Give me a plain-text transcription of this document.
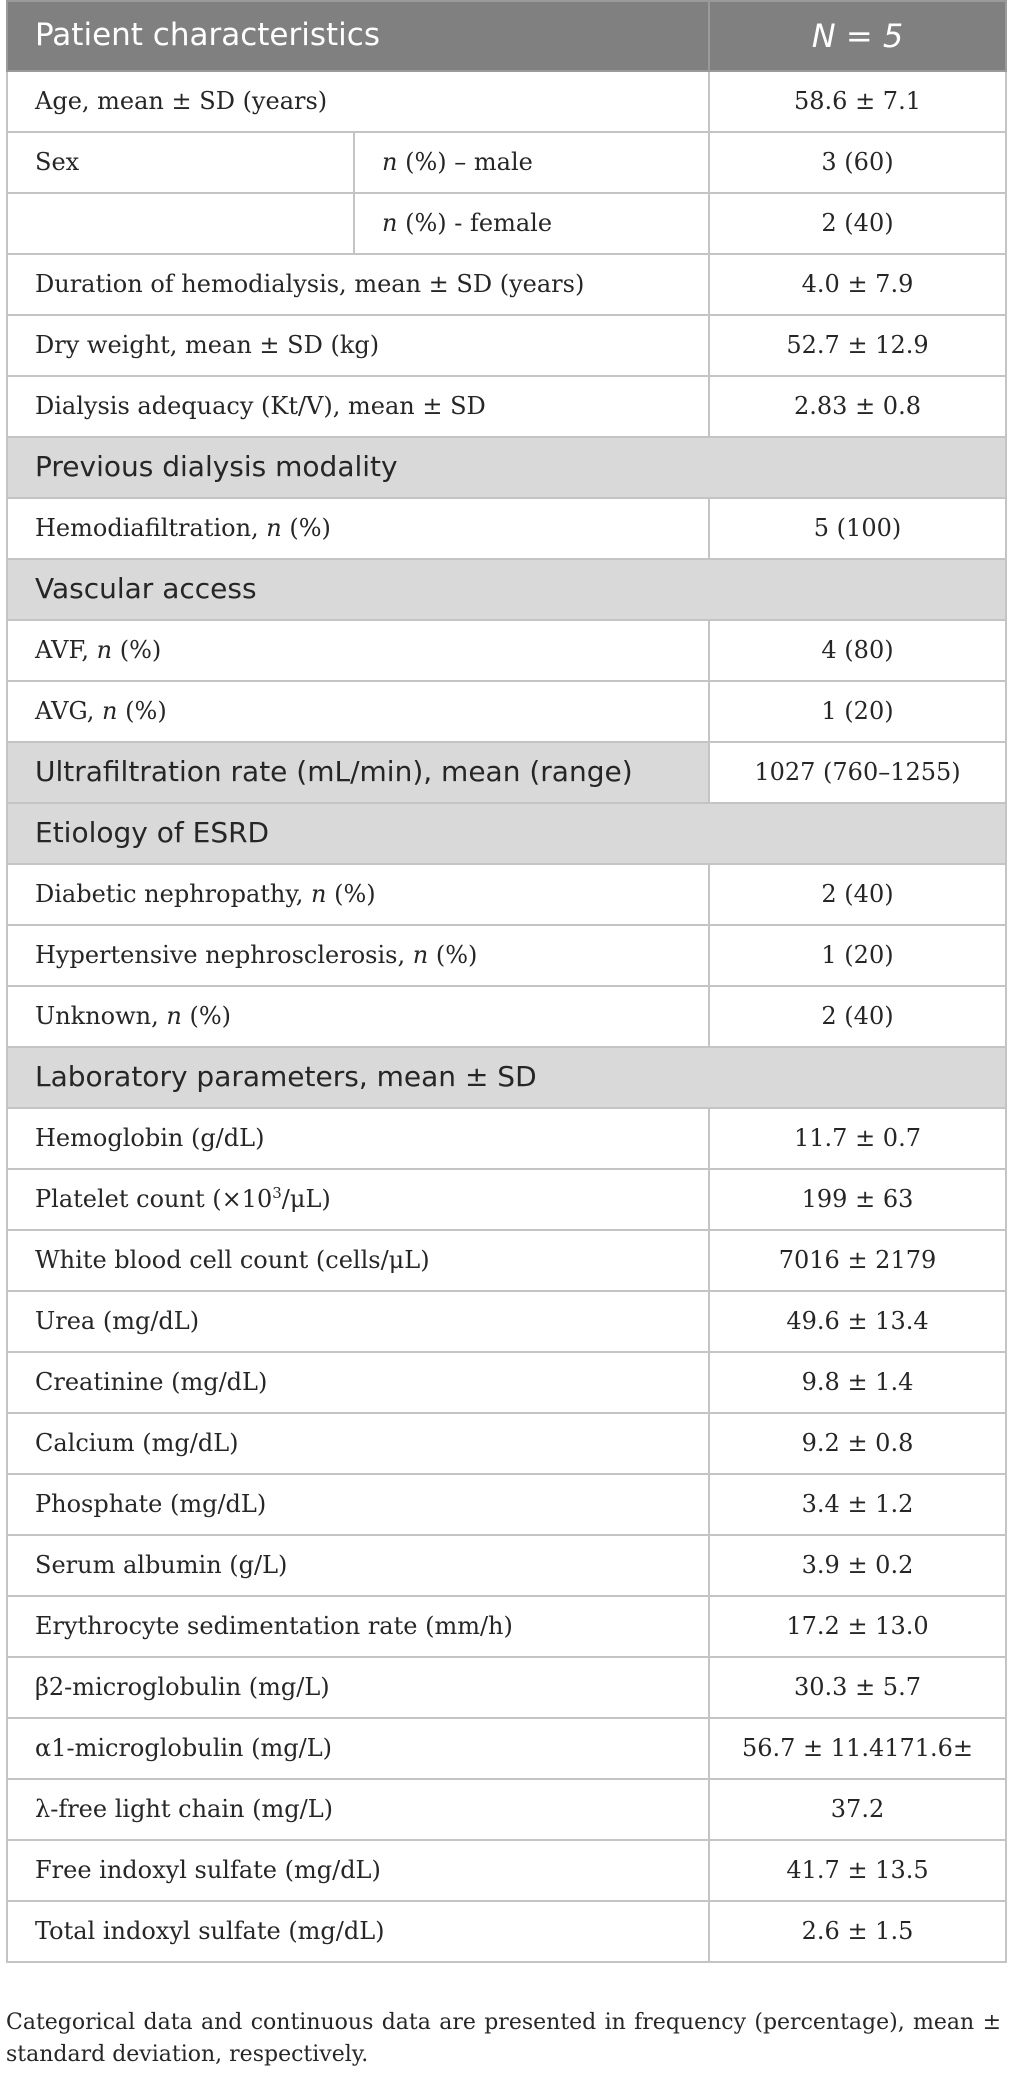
Patient characteristics		N = 5
Age, mean ± SD (years)		58.6 ± 7.1
Sex	n (%) – male	3 (60)
	n (%) - female	2 (40)
Duration of hemodialysis, mean ± SD (years)		4.0 ± 7.9
Dry weight, mean ± SD (kg)		52.7 ± 12.9
Dialysis adequacy (Kt/V), mean ± SD		2.83 ± 0.8
Previous dialysis modality		
Hemodiafiltration, n (%)		5 (100)
Vascular access		
AVF, n (%)		4 (80)
AVG, n (%)		1 (20)
Ultrafiltration rate (mL/min), mean (range)		1027 (760–1255)
Etiology of ESRD		
Diabetic nephropathy, n (%)		2 (40)
Hypertensive nephrosclerosis, n (%)		1 (20)
Unknown, n (%)		2 (40)
Laboratory parameters, mean ± SD		
Hemoglobin (g/dL)		11.7 ± 0.7
Platelet count $(\times 10^3/\mu L)$		199 ± 63
White blood cell count (cells/μL)		7016 ± 2179
Urea (mg/dL)		49.6 ± 13.4
Creatinine (mg/dL)		9.8 ± 1.4
Calcium (mg/dL)		9.2 ± 0.8
Phosphate (mg/dL)		3.4 ± 1.2
Serum albumin (g/L)		3.9 ± 0.2
Erythrocyte sedimentation rate (mm/h)		17.2 ± 13.0
β2-microglobulin (mg/L)		30.3 ± 5.7
α1-microglobulin (mg/L)		56.7 ± 11.4171.6±
λ-free light chain (mg/L)		37.2
Free indoxyl sulfate (mg/dL)		41.7 ± 13.5
Total indoxyl sulfate (mg/dL)		2.6 ± 1.5
Categorical data and continuous data are presented in frequency (percentage), mean ± standard deviation, respectively.
